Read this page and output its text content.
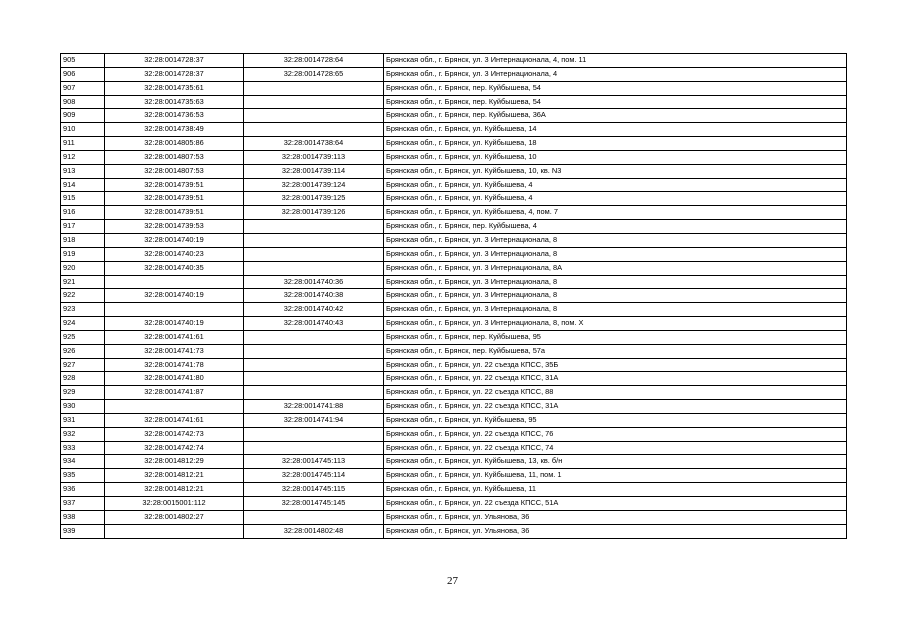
905	32:28:0014728:37	32:28:0014728:64	Брянская обл., г. Брянск, ул. 3 Интернационала, 4, пом. 11
906	32:28:0014728:37	32:28:0014728:65	Брянская обл., г. Брянск, ул. 3 Интернационала, 4
907	32:28:0014735:61		Брянская обл., г. Брянск, пер. Куйбышева, 54
908	32:28:0014735:63		Брянская обл., г. Брянск, пер. Куйбышева, 54
909	32:28:0014736:53		Брянская обл., г. Брянск, пер. Куйбышева, 36А
910	32:28:0014738:49		Брянская обл., г. Брянск, ул. Куйбышева, 14
911	32:28:0014805:86	32:28:0014738:64	Брянская обл., г. Брянск, ул. Куйбышева, 18
912	32:28:0014807:53	32:28:0014739:113	Брянская обл., г. Брянск, ул. Куйбышева, 10
913	32:28:0014807:53	32:28:0014739:114	Брянская обл., г. Брянск, ул. Куйбышева, 10, кв. N3
914	32:28:0014739:51	32:28:0014739:124	Брянская обл., г. Брянск, ул. Куйбышева, 4
915	32:28:0014739:51	32:28:0014739:125	Брянская обл., г. Брянск, ул. Куйбышева, 4
916	32:28:0014739:51	32:28:0014739:126	Брянская обл., г. Брянск, ул. Куйбышева, 4, пом. 7
917	32:28:0014739:53		Брянская обл., г. Брянск, пер. Куйбышева, 4
918	32:28:0014740:19		Брянская обл., г. Брянск, ул. 3 Интернационала, 8
919	32:28:0014740:23		Брянская обл., г. Брянск, ул. 3 Интернационала, 8
920	32:28:0014740:35		Брянская обл., г. Брянск, ул. 3 Интернационала, 8А
921		32:28:0014740:36	Брянская обл., г. Брянск, ул. 3 Интернационала, 8
922	32:28:0014740:19	32:28:0014740:38	Брянская обл., г. Брянск, ул. 3 Интернационала, 8
923		32:28:0014740:42	Брянская обл., г. Брянск, ул. 3 Интернационала, 8
924	32:28:0014740:19	32:28:0014740:43	Брянская обл., г. Брянск, ул. 3 Интернационала, 8, пом. X
925	32:28:0014741:61		Брянская обл., г. Брянск, пер. Куйбышева, 95
926	32:28:0014741:73		Брянская обл., г. Брянск, пер. Куйбышева, 57а
927	32:28:0014741:78		Брянская обл., г. Брянск, ул. 22 съезда КПСС, 35Б
928	32:28:0014741:80		Брянская обл., г. Брянск, ул. 22 съезда КПСС, 31А
929	32:28:0014741:87		Брянская обл., г. Брянск, ул. 22 съезда КПСС, 88
930		32:28:0014741:88	Брянская обл., г. Брянск, ул. 22 съезда КПСС, 31А
931	32:28:0014741:61	32:28:0014741:94	Брянская обл., г. Брянск, ул. Куйбышева, 95
932	32:28:0014742:73		Брянская обл., г. Брянск, ул. 22 съезда КПСС, 76
933	32:28:0014742:74		Брянская обл., г. Брянск, ул. 22 съезда КПСС, 74
934	32:28:0014812:29	32:28:0014745:113	Брянская обл., г. Брянск, ул. Куйбышева, 13, кв. б/н
935	32:28:0014812:21	32:28:0014745:114	Брянская обл., г. Брянск, ул. Куйбышева, 11, пом. 1
936	32:28:0014812:21	32:28:0014745:115	Брянская обл., г. Брянск, ул. Куйбышева, 11
937	32:28:0015001:112	32:28:0014745:145	Брянская обл., г. Брянск, ул. 22 съезда КПСС, 51А
938	32:28:0014802:27		Брянская обл., г. Брянск, ул. Ульянова, 36
939		32:28:0014802:48	Брянская обл., г. Брянск, ул. Ульянова, 36
27
